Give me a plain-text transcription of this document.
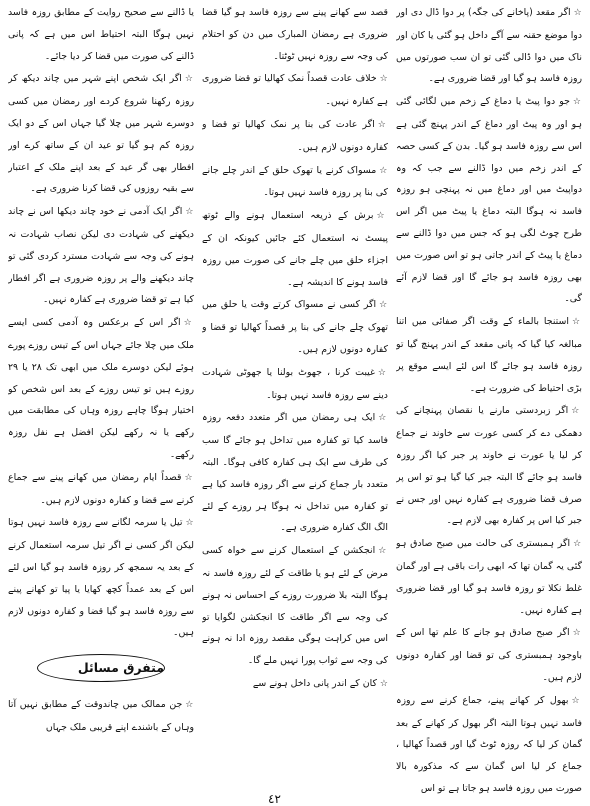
☆اگر مقعد (پاخانے کی جگہ) پر دوا ڈال دی اور دوا موضع حقنہ سے آگے داخل ہو گئی یا کان اور ناک میں دوا ڈالی گئی تو ان سب صورتوں میں روزہ فاسد ہو گیا اور قضا ضروری ہے۔

☆جو دوا پیٹ یا دماغ کے زخم میں لگائی گئی ہو اور وہ پیٹ اور دماغ کے اندر پہنچ گئی ہے اس سے روزہ فاسد ہو گیا۔ بدن کے کسی حصہ کے اندر زخم میں دوا ڈالنے سے جب کہ وہ دواپیٹ میں اور دماغ میں نہ پہنچی ہو روزہ فاسد نہ ہوگا البتہ دماغ یا پیٹ میں اگر اس طرح چوٹ لگی ہو کہ جس میں دوا ڈالنے سے دماغ یا پیٹ کے اندر جاتی ہو تو اس صورت میں بھی روزہ فاسد ہو جائے گا اور قضا لازم آئے گی۔

☆استنجا بالماء کے وقت اگر صفائی میں اتنا مبالغہ کیا گیا کہ پانی مقعد کے اندر پہنچ گیا تو روزہ فاسد ہو جائے گا اس لئے ایسے موقع پر بڑی احتیاط کی ضرورت ہے۔

☆اگر زبردستی مارنے یا نقصان پہنچانے کی دھمکی دے کر کسی عورت سے خاوند نے جماع کر لیا یا عورت نے خاوند پر جبر کیا اگر روزہ فاسد ہو جائے گا البتہ جبر کیا گیا ہو تو اس پر صرف قضا ضروری ہے کفارہ نہیں اور جس نے جبر کیا اس پر کفارہ بھی لازم ہے۔

☆اگر ہمبستری کی حالت میں صبح صادق ہو گئی یہ گمان تھا کہ ابھی رات باقی ہے اور گمان غلط نکلا تو روزہ فاسد ہو گیا اور قضا ضروری ہے کفارہ نہیں۔

☆اگر صبح صادق ہو جانے کا علم تھا اس کے باوجود ہمبستری کی تو قضا اور کفارہ دونوں لازم ہیں۔

☆بھول کر کھانے پینے، جماع کرنے سے روزہ فاسد نہیں ہوتا البتہ اگر بھول کر کھانے کے بعد گمان کر لیا کہ روزہ ٹوٹ گیا اور قصداً کھالیا ، جماع کر لیا اس گمان سے کہ مذکورہ بالا صورت میں روزہ فاسد ہو جاتا ہے تو اس

قصد سے کھانے پینے سے روزہ فاسد ہو گیا قضا ضروری ہے رمضان المبارک میں دن کو احتلام کی وجہ سے روزہ نہیں ٹوٹتا۔

☆خلاف عادت قصداً نمک کھالیا تو قضا ضروری ہے کفارہ نہیں۔

☆اگر عادت کی بنا پر نمک کھالیا تو قضا و کفارہ دونوں لازم ہیں۔

☆مسواک کرنے یا تھوک حلق کے اندر چلے جانے کی بنا پر روزہ فاسد نہیں ہوتا۔

☆برش کے ذریعہ استعمال ہونے والے ٹوتھ پیسٹ نہ استعمال کئے جائیں کیونکہ ان کے اجزاء حلق میں چلے جانے کی صورت میں روزہ فاسد ہونے کا اندیشہ ہے۔

☆اگر کسی نے مسواک کرتے وقت یا حلق میں تھوک چلے جانے کی بنا پر قصداً کھالیا تو قضا و کفارہ دونوں لازم ہیں۔

☆غیبت کرنا ، جھوٹ بولنا یا جھوٹی شہادت دینے سے روزہ فاسد نہیں ہوتا۔

☆ایک ہی رمضان میں اگر متعدد دفعہ روزہ فاسد کیا تو کفارہ میں تداخل ہو جائے گا سب کی طرف سے ایک ہی کفارہ کافی ہوگا۔ البتہ متعدد بار جماع کرنے سے اگر روزہ فاسد کیا ہے تو کفارہ میں تداخل نہ ہوگا ہر روزے کے لئے الگ الگ کفارہ ضروری ہے۔

☆انجکشن کے استعمال کرنے سے خواہ کسی مرض کے لئے ہو یا طاقت کے لئے روزہ فاسد نہ ہوگا البتہ بلا ضرورت روزے کے احساس نہ ہونے کی وجہ سے اگر طاقت کا انجکشن لگوایا تو اس میں کراہت ہوگی مقصد روزہ ادا نہ ہونے کی وجہ سے ثواب پورا نہیں ملے گا۔

☆کان کے اندر پانی داخل ہونے سے

یا ڈالنے سے صحیح روایت کے مطابق روزہ فاسد نہیں ہوگا البتہ احتیاط اس میں ہے کہ پانی ڈالنے کی صورت میں قضا کر دیا جائے۔

☆اگر ایک شخص اپنے شہر میں چاند دیکھ کر روزہ رکھنا شروع کردے اور رمضان میں کسی دوسرے شہر میں چلا گیا جہاں اس کے دو ایک روزہ کم ہو گیا تو عید ان کے ساتھ کرے اور افطار بھی گر عید کے بعد اپنے ملک کے اعتبار سے بقیہ روزوں کی قضا کرنا ضروری ہے۔

☆اگر ایک آدمی نے خود چاند دیکھا اس نے چاند دیکھنے کی شہادت دی لیکن نصاب شہادت نہ ہونے کی وجہ سے شہادت مسترد کردی گئی تو چاند دیکھنے والے پر روزہ ضروری ہے اگر افطار کیا ہے تو قضا ضروری ہے کفارہ نہیں۔

☆اگر اس کے برعکس وہ آدمی کسی ایسے ملک میں چلا جائے جہاں اس کے تیس روزے پورے ہوئے لیکن دوسرے ملک میں ابھی تک ٢٨ یا ٢٩ روزے ہیں تو تیس روزے کے بعد اس شخص کو اختیار ہوگا چاہے روزہ وہاں کی مطابقت میں رکھے یا نہ رکھے لیکن افضل ہے نفل روزہ رکھے۔

☆قصداً ایام رمضان میں کھانے پینے سے جماع کرنے سے قضا و کفارہ دونوں لازم ہیں۔

☆تیل یا سرمہ لگانے سے روزہ فاسد نہیں ہوتا لیکن اگر کسی نے اگر تیل سرمہ استعمال کرنے کے بعد یہ سمجھ کر روزہ فاسد ہو گیا اس لئے اس کے بعد عمداً کچھ کھایا یا پیا تو کھانے پینے سے روزہ فاسد ہو گیا قضا و کفارہ دونوں لازم ہیں۔

متفرق مسائل

☆جن ممالک میں چاندوقت کے مطابق نہیں آتا وہاں کے باشندے اپنے قریبی ملک جہاں

٤٢
